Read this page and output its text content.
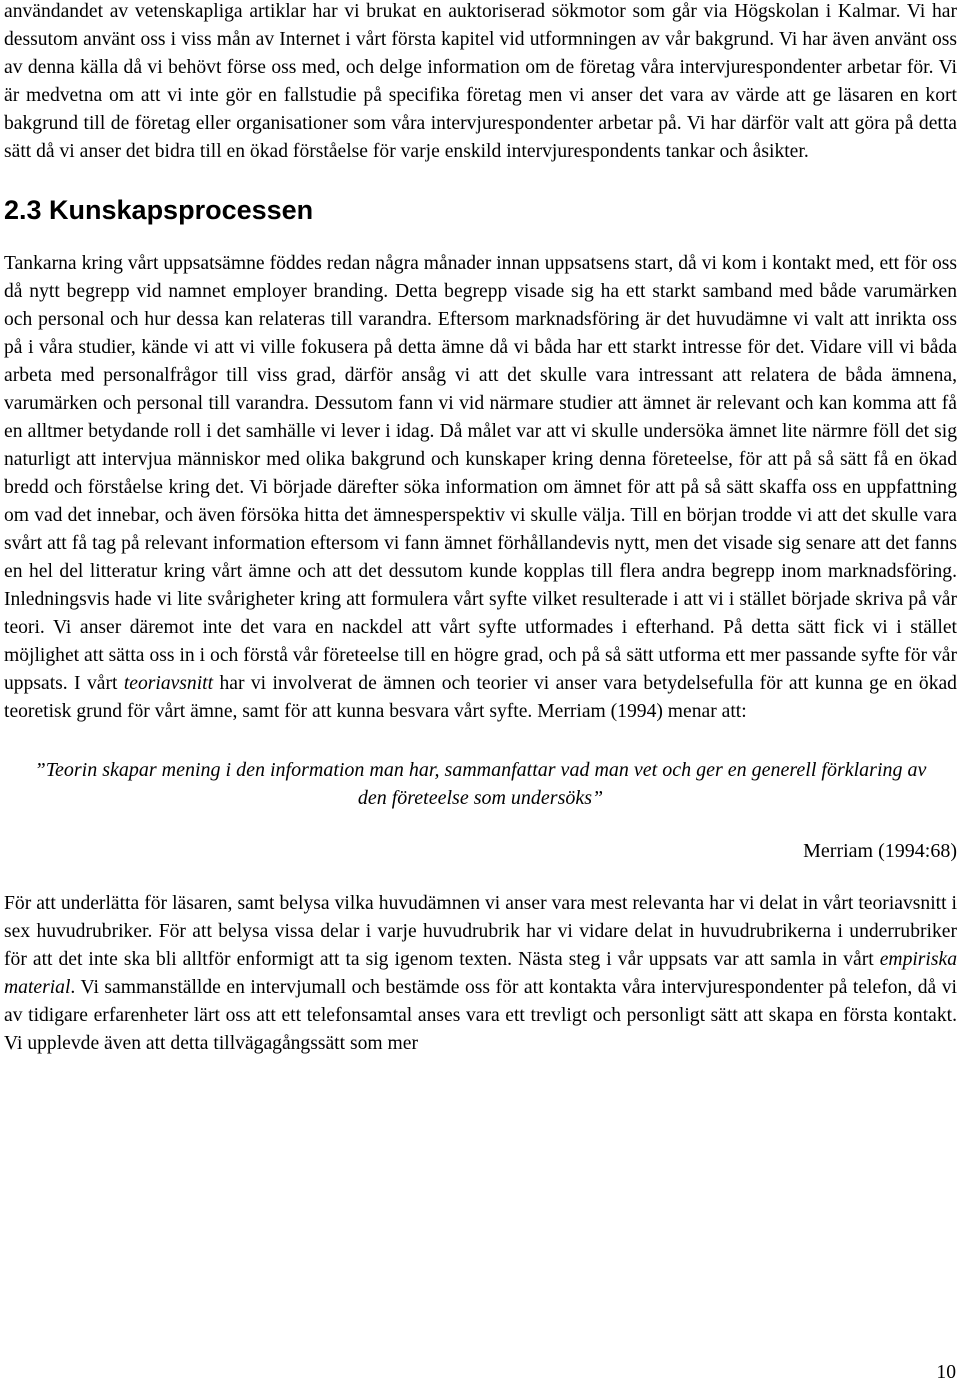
användandet av vetenskapliga artiklar har vi brukat en auktoriserad sökmotor som går via Högskolan i Kalmar. Vi har dessutom använt oss i viss mån av Internet i vårt första kapitel vid utformningen av vår bakgrund. Vi har även använt oss av denna källa då vi behövt förse oss med, och delge information om de företag våra intervjurespondenter arbetar för. Vi är medvetna om att vi inte gör en fallstudie på specifika företag men vi anser det vara av värde att ge läsaren en kort bakgrund till de företag eller organisationer som våra intervjurespondenter arbetar på. Vi har därför valt att göra på detta sätt då vi anser det bidra till en ökad förståelse för varje enskild intervjurespondents tankar och åsikter.

2.3 Kunskapsprocessen

Tankarna kring vårt uppsatsämne föddes redan några månader innan uppsatsens start, då vi kom i kontakt med, ett för oss då nytt begrepp vid namnet employer branding. Detta begrepp visade sig ha ett starkt samband med både varumärken och personal och hur dessa kan relateras till varandra. Eftersom marknadsföring är det huvudämne vi valt att inrikta oss på i våra studier, kände vi att vi ville fokusera på detta ämne då vi båda har ett starkt intresse för det. Vidare vill vi båda arbeta med personalfrågor till viss grad, därför ansåg vi att det skulle vara intressant att relatera de båda ämnena, varumärken och personal till varandra. Dessutom fann vi vid närmare studier att ämnet är relevant och kan komma att få en alltmer betydande roll i det samhälle vi lever i idag. Då målet var att vi skulle undersöka ämnet lite närmre föll det sig naturligt att intervjua människor med olika bakgrund och kunskaper kring denna företeelse, för att på så sätt få en ökad bredd och förståelse kring det. Vi började därefter söka information om ämnet för att på så sätt skaffa oss en uppfattning om vad det innebar, och även försöka hitta det ämnesperspektiv vi skulle välja. Till en början trodde vi att det skulle vara svårt att få tag på relevant information eftersom vi fann ämnet förhållandevis nytt, men det visade sig senare att det fanns en hel del litteratur kring vårt ämne och att det dessutom kunde kopplas till flera andra begrepp inom marknadsföring. Inledningsvis hade vi lite svårigheter kring att formulera vårt syfte vilket resulterade i att vi i stället började skriva på vår teori. Vi anser däremot inte det vara en nackdel att vårt syfte utformades i efterhand. På detta sätt fick vi i stället möjlighet att sätta oss in i och förstå vår företeelse till en högre grad, och på så sätt utforma ett mer passande syfte för vår uppsats. I vårt teoriavsnitt har vi involverat de ämnen och teorier vi anser vara betydelsefulla för att kunna ge en ökad teoretisk grund för vårt ämne, samt för att kunna besvara vårt syfte. Merriam (1994) menar att:

”Teorin skapar mening i den information man har, sammanfattar vad man vet och ger en generell förklaring av den företeelse som undersöks”

Merriam (1994:68)

För att underlätta för läsaren, samt belysa vilka huvudämnen vi anser vara mest relevanta har vi delat in vårt teoriavsnitt i sex huvudrubriker. För att belysa vissa delar i varje huvudrubrik har vi vidare delat in huvudrubrikerna i underrubriker för att det inte ska bli alltför enformigt att ta sig igenom texten. Nästa steg i vår uppsats var att samla in vårt empiriska material. Vi sammanställde en intervjumall och bestämde oss för att kontakta våra intervjurespondenter på telefon, då vi av tidigare erfarenheter lärt oss att ett telefonsamtal anses vara ett trevligt och personligt sätt att skapa en första kontakt. Vi upplevde även att detta tillvägagångssätt som mer

10
